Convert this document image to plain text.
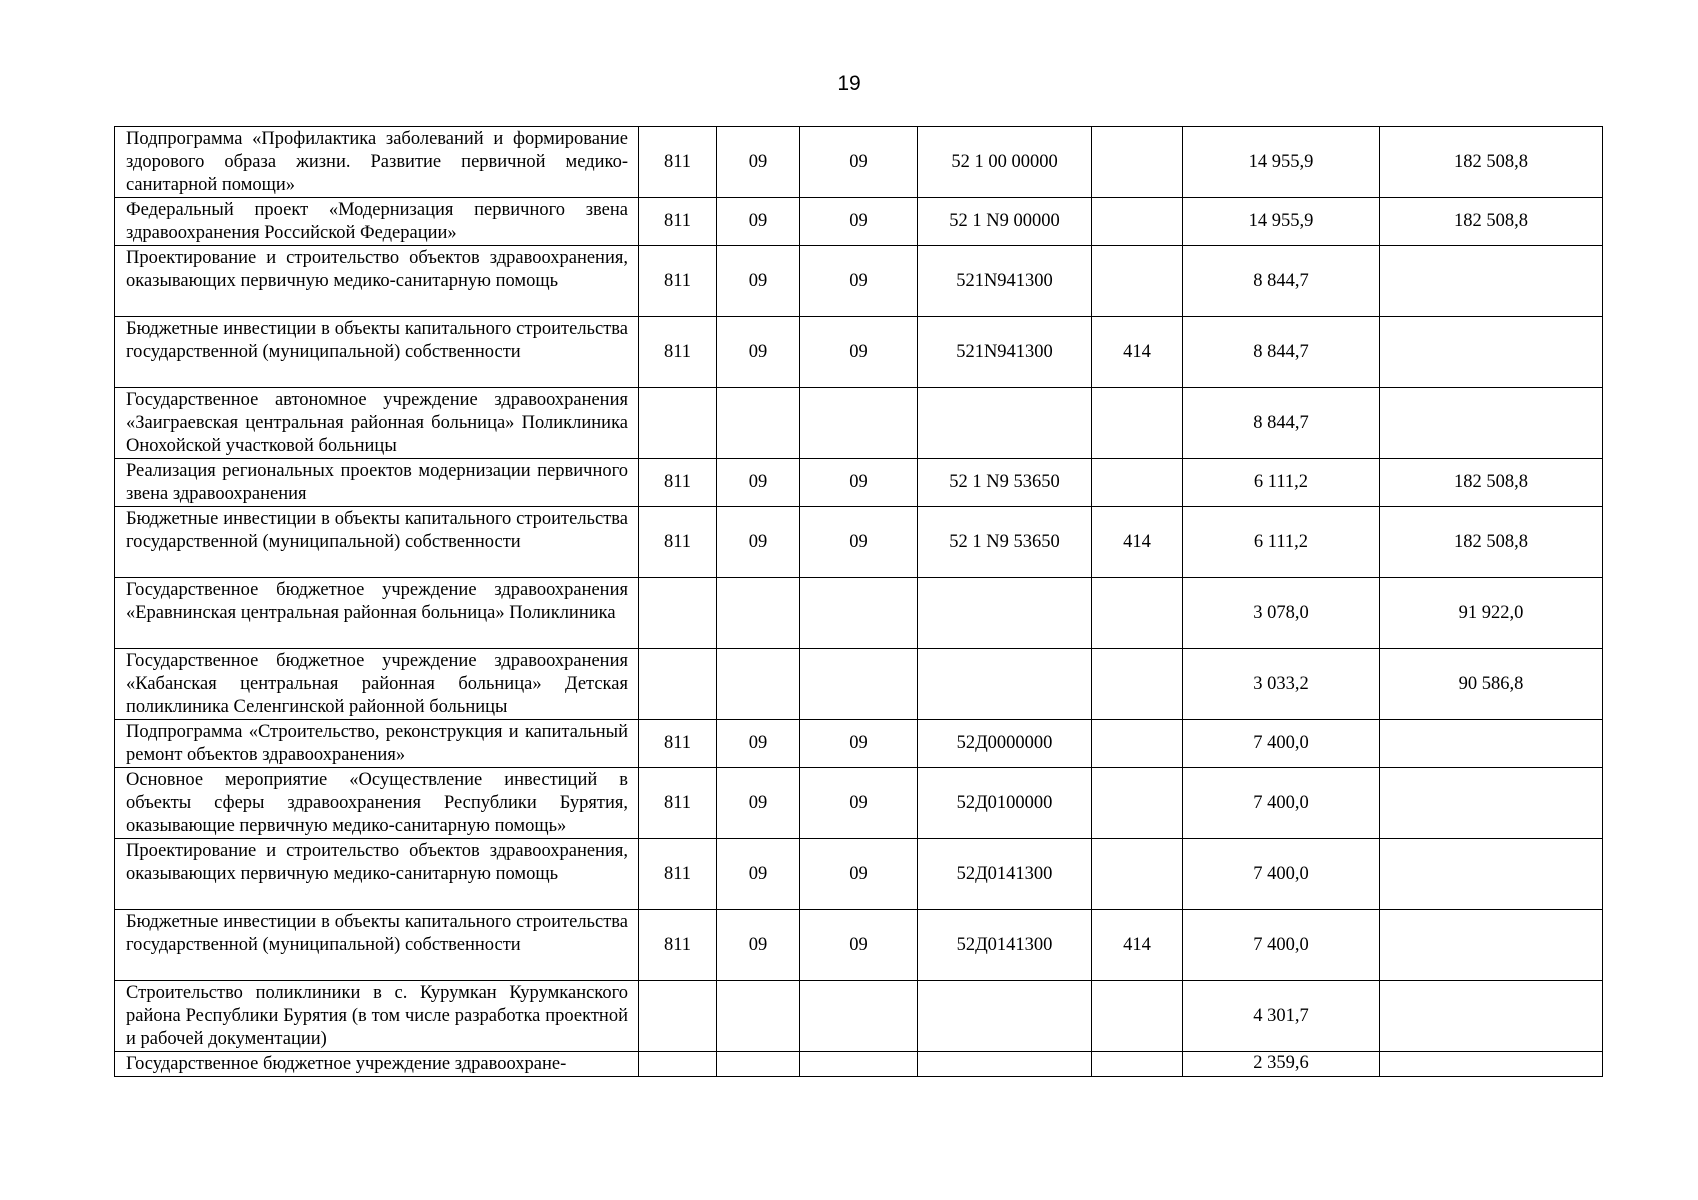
19
Подпрограмма «Профилактика заболеваний и формирование здорового образа жизни. Развитие первичной медико-санитарной помощи»	811	09	09	52 1 00 00000		14 955,9	182 508,8
Федеральный проект «Модернизация первичного звена здравоохранения Российской Федерации»	811	09	09	52 1 N9 00000		14 955,9	182 508,8
Проектирование и строительство объектов здравоохранения, оказывающих первичную медико-санитарную помощь	811	09	09	521N941300		8 844,7	
Бюджетные инвестиции в объекты капитального строительства государственной (муниципальной) собственности	811	09	09	521N941300	414	8 844,7	
Государственное автономное учреждение здравоохранения «Заиграевская центральная районная больница» Поликлиника Онохойской участковой больницы						8 844,7	
Реализация региональных проектов модернизации первичного звена здравоохранения	811	09	09	52 1 N9 53650		6 111,2	182 508,8
Бюджетные инвестиции в объекты капитального строительства государственной (муниципальной) собственности	811	09	09	52 1 N9 53650	414	6 111,2	182 508,8
Государственное бюджетное учреждение здравоохранения «Еравнинская центральная районная больница» Поликлиника						3 078,0	91 922,0
Государственное бюджетное учреждение здравоохранения «Кабанская центральная районная больница» Детская поликлиника Селенгинской районной больницы						3 033,2	90 586,8
Подпрограмма «Строительство, реконструкция и капитальный ремонт объектов здравоохранения»	811	09	09	52Д0000000		7 400,0	
Основное мероприятие «Осуществление инвестиций в объекты сферы здравоохранения Республики Бурятия, оказывающие первичную медико-санитарную помощь»	811	09	09	52Д0100000		7 400,0	
Проектирование и строительство объектов здравоохранения, оказывающих первичную медико-санитарную помощь	811	09	09	52Д0141300		7 400,0	
Бюджетные инвестиции в объекты капитального строительства государственной (муниципальной) собственности	811	09	09	52Д0141300	414	7 400,0	
Строительство поликлиники в с. Курумкан Курумканского района Республики Бурятия (в том числе разработка проектной и рабочей документации)						4 301,7	
Государственное бюджетное учреждение здравоохране-						2 359,6	
